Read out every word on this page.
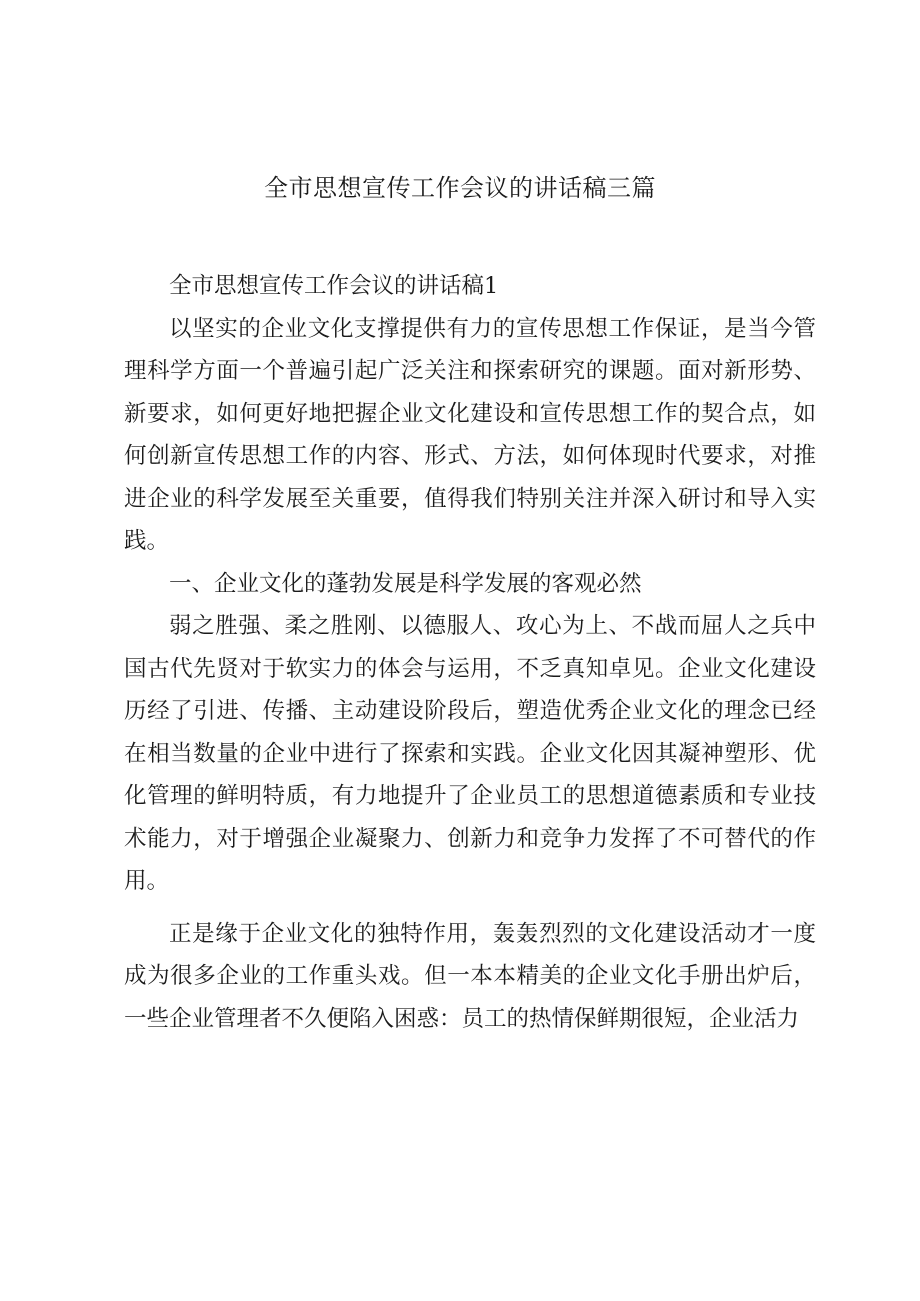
全市思想宣传工作会议的讲话稿三篇

全市思想宣传工作会议的讲话稿1

以坚实的企业文化支撑提供有力的宣传思想工作保证，是当今管理科学方面一个普遍引起广泛关注和探索研究的课题。面对新形势、新要求，如何更好地把握企业文化建设和宣传思想工作的契合点，如何创新宣传思想工作的内容、形式、方法，如何体现时代要求，对推进企业的科学发展至关重要，值得我们特别关注并深入研讨和导入实践。

一、企业文化的蓬勃发展是科学发展的客观必然

弱之胜强、柔之胜刚、以德服人、攻心为上、不战而屈人之兵中国古代先贤对于软实力的体会与运用，不乏真知卓见。企业文化建设历经了引进、传播、主动建设阶段后，塑造优秀企业文化的理念已经在相当数量的企业中进行了探索和实践。企业文化因其凝神塑形、优化管理的鲜明特质，有力地提升了企业员工的思想道德素质和专业技术能力，对于增强企业凝聚力、创新力和竞争力发挥了不可替代的作用。

正是缘于企业文化的独特作用，轰轰烈烈的文化建设活动才一度成为很多企业的工作重头戏。但一本本精美的企业文化手册出炉后，一些企业管理者不久便陷入困惑：员工的热情保鲜期很短，企业活力
